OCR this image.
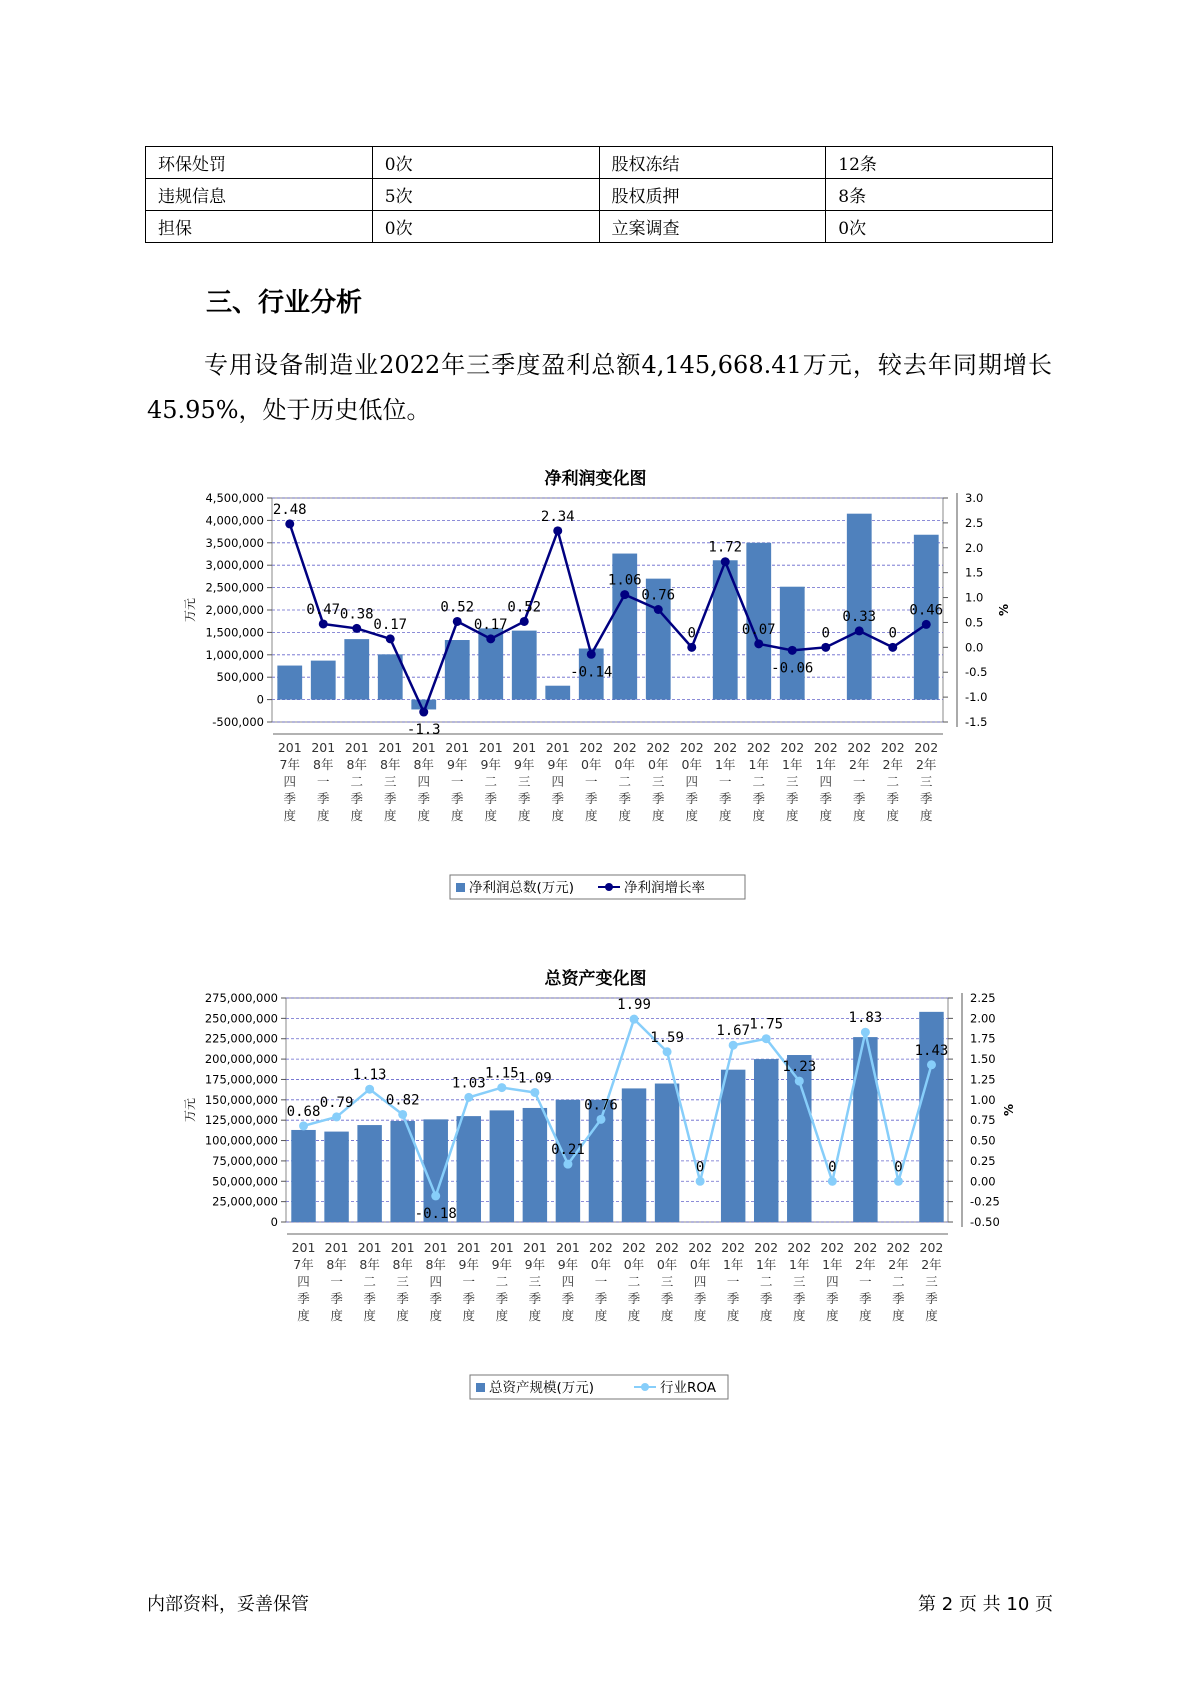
环保处罚	0次	股权冻结	12条
违规信息	5次	股权质押	8条
担保	0次	立案调查	0次
三、行业分析
专用设备制造业2022年三季度盈利总额4,145,668.41万元，较去年同期增长45.95%，处于历史低位。
净利润变化图
4,500,000
4,000,000
3,500,000
3,000,000
2,500,000
2,000,000
1,500,000
1,000,000
500,000
0
-500,000
3.0
2.5
2.0
1.5
1.0
0.5
0.0
-0.5
-1.0
-1.5
万元	%
201
7年
四
季
度
201
8年
一
季
度
201
8年
二
季
度
201
8年
三
季
度
201
8年
四
季
度
201
9年
一
季
度
201
9年
二
季
度
201
9年
三
季
度
201
9年
四
季
度
202
0年
一
季
度
202
0年
二
季
度
202
0年
三
季
度
202
0年
四
季
度
202
1年
一
季
度
202
1年
二
季
度
202
1年
三
季
度
202
1年
四
季
度
202
2年
一
季
度
202
2年
二
季
度
202
2年
三
季
度
2.48
0.47 0.38
0.17
-1.3
0.52
0.17
0.52
2.34
-0.14
1.06
0.76
0
1.72
0.07
-0.06
0
0.33
0
0.46
净利润总数(万元)	净利润增长率
总资产变化图
275,000,000
250,000,000
225,000,000
200,000,000
175,000,000
150,000,000
125,000,000
100,000,000
75,000,000
50,000,000
25,000,000
0
2.25
2.00
1.75
1.50
1.25
1.00
0.75
0.50
0.25
0.00
-0.25
-0.50
万元	%
201
7年
四
季
度
201
8年
一
季
度
201
8年
二
季
度
201
8年
三
季
度
201
8年
四
季
度
201
9年
一
季
度
201
9年
二
季
度
201
9年
三
季
度
201
9年
四
季
度
202
0年
一
季
度
202
0年
二
季
度
202
0年
三
季
度
202
0年
四
季
度
202
1年
一
季
度
202
1年
二
季
度
202
1年
三
季
度
202
1年
四
季
度
202
2年
一
季
度
202
2年
二
季
度
202
2年
三
季
度
0.68
0.79
1.13
0.82
-0.18
1.03
1.15 1.09
0.21
0.76
1.99
1.59
0
1.67 1.75
1.23
0
1.83
0
1.43
总资产规模(万元)	行业ROA
内部资料，妥善保管	第 2 页 共 10 页
